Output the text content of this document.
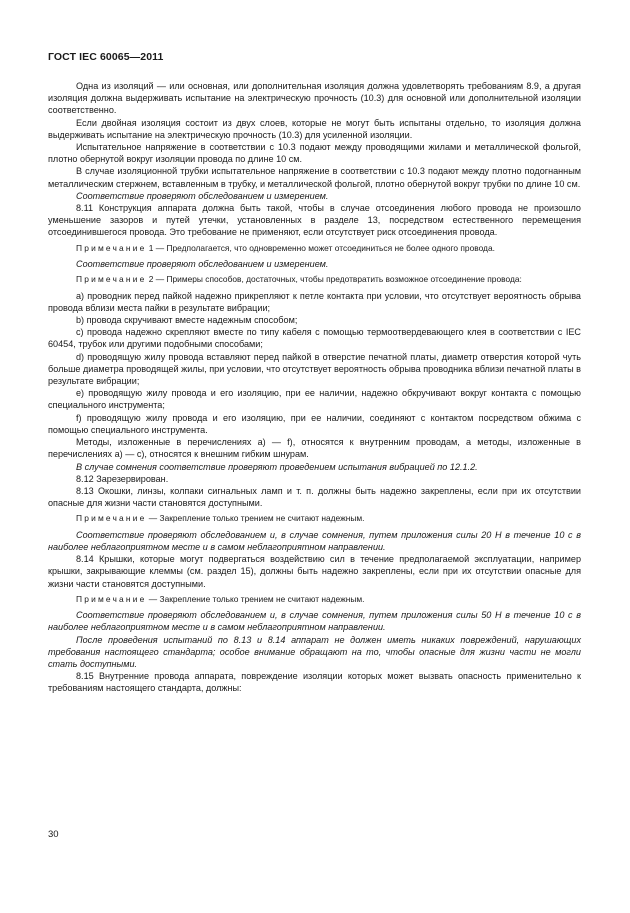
ГОСТ IEC 60065—2011

Одна из изоляций — или основная, или дополнительная изоляция должна удовлетворять требованиям 8.9, а другая изоляция должна выдерживать испытание на электрическую прочность (10.3) для основной или дополнительной изоляции соответственно.

Если двойная изоляция состоит из двух слоев, которые не могут быть испытаны отдельно, то изоляция должна выдерживать испытание на электрическую прочность (10.3) для усиленной изоляции.

Испытательное напряжение в соответствии с 10.3 подают между проводящими жилами и металлической фольгой, плотно обернутой вокруг изоляции провода по длине 10 см.

В случае изоляционной трубки испытательное напряжение в соответствии с 10.3 подают между плотно подогнанным металлическим стержнем, вставленным в трубку, и металлической фольгой, плотно обернутой вокруг трубки по длине 10 см.

Соответствие проверяют обследованием и измерением.

8.11 Конструкция аппарата должна быть такой, чтобы в случае отсоединения любого провода не произошло уменьшение зазоров и путей утечки, установленных в разделе 13, посредством естественного перемещения отсоединившегося провода. Это требование не применяют, если отсутствует риск отсоединения провода.

Примечание 1 — Предполагается, что одновременно может отсоединиться не более одного провода.

Соответствие проверяют обследованием и измерением.

Примечание 2 — Примеры способов, достаточных, чтобы предотвратить возможное отсоединение провода:

a) проводник перед пайкой надежно прикрепляют к петле контакта при условии, что отсутствует вероятность обрыва провода вблизи места пайки в результате вибрации;

b) провода скручивают вместе надежным способом;

c) провода надежно скрепляют вместе по типу кабеля с помощью термоотвердевающего клея в соответствии с IEC 60454, трубок или другими подобными способами;

d) проводящую жилу провода вставляют перед пайкой в отверстие печатной платы, диаметр отверстия которой чуть больше диаметра проводящей жилы, при условии, что отсутствует вероятность обрыва проводника вблизи печатной платы в результате вибрации;

e) проводящую жилу провода и его изоляцию, при ее наличии, надежно обкручивают вокруг контакта с помощью специального инструмента;

f) проводящую жилу провода и его изоляцию, при ее наличии, соединяют с контактом посредством обжима с помощью специального инструмента.

Методы, изложенные в перечислениях a) — f), относятся к внутренним проводам, а методы, изложенные в перечислениях a) — c), относятся к внешним гибким шнурам.

В случае сомнения соответствие проверяют проведением испытания вибрацией по 12.1.2.

8.12 Зарезервирован.

8.13 Окошки, линзы, колпаки сигнальных ламп и т. п. должны быть надежно закреплены, если при их отсутствии опасные для жизни части становятся доступными.

Примечание — Закрепление только трением не считают надежным.

Соответствие проверяют обследованием и, в случае сомнения, путем приложения силы 20 Н в течение 10 с в наиболее неблагоприятном месте и в самом неблагоприятном направлении.

8.14 Крышки, которые могут подвергаться воздействию сил в течение предполагаемой эксплуатации, например крышки, закрывающие клеммы (см. раздел 15), должны быть надежно закреплены, если при их отсутствии опасные для жизни части становятся доступными.

Примечание — Закрепление только трением не считают надежным.

Соответствие проверяют обследованием и, в случае сомнения, путем приложения силы 50 Н в течение 10 с в наиболее неблагоприятном месте и в самом неблагоприятном направлении.

После проведения испытаний по 8.13 и 8.14 аппарат не должен иметь никаких повреждений, нарушающих требования настоящего стандарта; особое внимание обращают на то, чтобы опасные для жизни части не могли стать доступными.

8.15 Внутренние провода аппарата, повреждение изоляции которых может вызвать опасность применительно к требованиям настоящего стандарта, должны:

30
